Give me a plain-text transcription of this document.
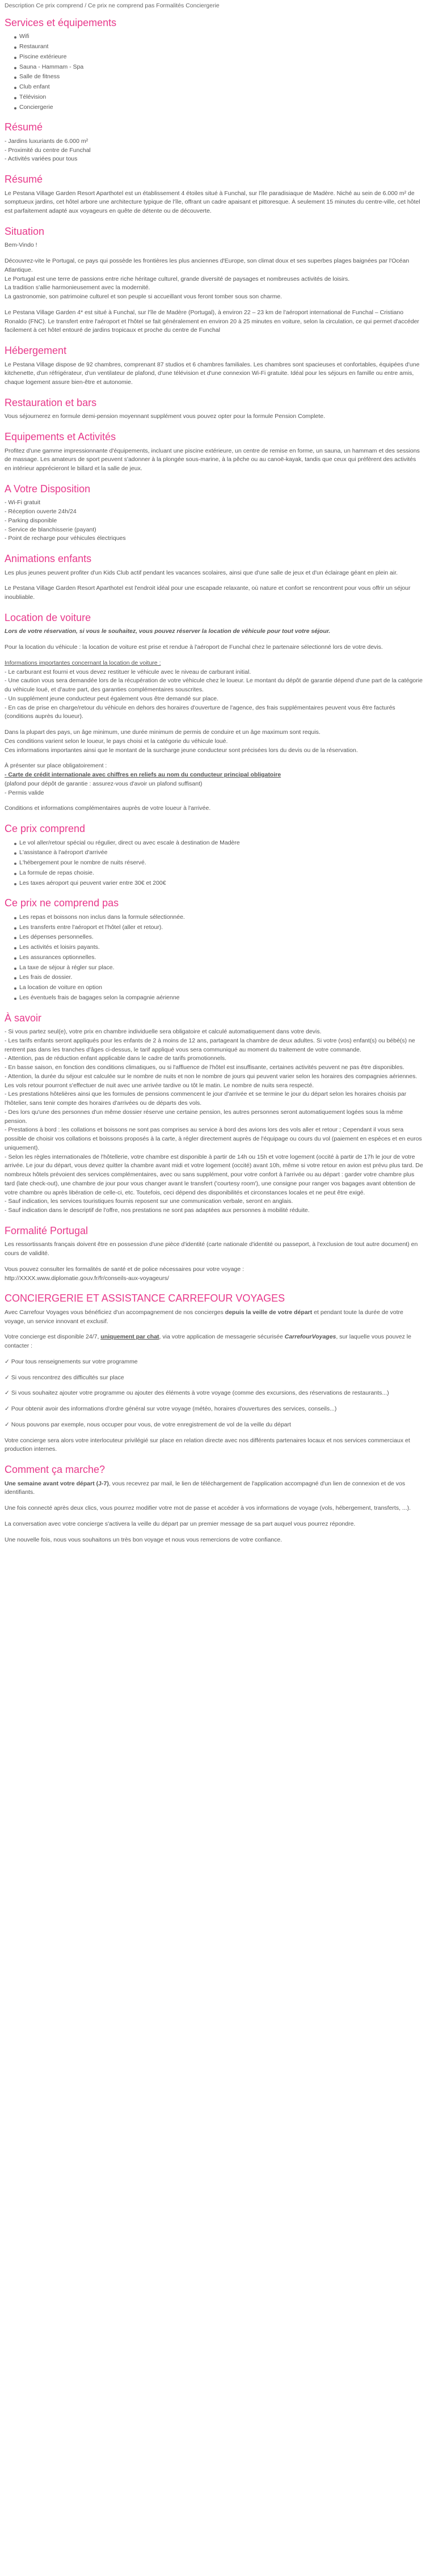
Description Ce prix comprend / Ce prix ne comprend pas Formalités Conciergerie
Services et équipements
Wifi
Restaurant
Piscine extérieure
Sauna - Hammam - Spa
Salle de fitness
Club enfant
Télévision
Conciergerie
Résumé
- Jardins luxuriants de 6.000 m²
- Proximité du centre de Funchal
- Activités variées pour tous
Résumé

Le Pestana Village Garden Resort Aparthotel est un établissement 4 étoiles situé à Funchal, sur l'île paradisiaque de Madère. Niché au sein de 6.000 m² de somptueux jardins, cet hôtel arbore une architecture typique de l'île, offrant un cadre apaisant et pittoresque. À seulement 15 minutes du centre-ville, cet hôtel est parfaitement adapté aux voyageurs en quête de détente ou de découverte.

Situation

Bem-Vindo !

Découvrez-vite le Portugal, ce pays qui possède les frontières les plus anciennes d'Europe, son climat doux et ses superbes plages baignées par l'Océan Atlantique.
Le Portugal est une terre de passions entre riche héritage culturel, grande diversité de paysages et nombreuses activités de loisirs.
La tradition s'allie harmonieusement avec la modernité.
La gastronomie, son patrimoine culturel et son peuple si accueillant vous feront tomber sous son charme.

Le Pestana Village Garden 4* est situé à Funchal, sur l'île de Madère (Portugal), à environ 22 – 23 km de l'aéroport international de Funchal – Cristiano Ronaldo (FNC). Le transfert entre l'aéroport et l'hôtel se fait généralement en environ 20 à 25 minutes en voiture, selon la circulation, ce qui permet d'accéder facilement à cet hôtel entouré de jardins tropicaux et proche du centre de Funchal

Hébergement

Le Pestana Village dispose de 92 chambres, comprenant 87 studios et 6 chambres familiales. Les chambres sont spacieuses et confortables, équipées d'une kitchenette, d'un réfrigérateur, d'un ventilateur de plafond, d'une télévision et d'une connexion Wi-Fi gratuite. Idéal pour les séjours en famille ou entre amis, chaque logement assure bien-être et autonomie.

Restauration et bars

Vous séjournerez en formule demi-pension moyennant supplément vous pouvez opter pour la formule Pension Complete.

Equipements et Activités

Profitez d'une gamme impressionnante d'équipements, incluant une piscine extérieure, un centre de remise en forme, un sauna, un hammam et des sessions de massage. Les amateurs de sport peuvent s'adonner à la plongée sous-marine, à la pêche ou au canoë-kayak, tandis que ceux qui préfèrent des activités en intérieur apprécieront le billard et la salle de jeux.

A Votre Disposition
- Wi-Fi gratuit
- Réception ouverte 24h/24
- Parking disponible
- Service de blanchisserie (payant)
- Point de recharge pour véhicules électriques
Animations enfants

Les plus jeunes peuvent profiter d'un Kids Club actif pendant les vacances scolaires, ainsi que d'une salle de jeux et d'un éclairage géant en plein air.

Le Pestana Village Garden Resort Aparthotel est l'endroit idéal pour une escapade relaxante, où nature et confort se rencontrent pour vous offrir un séjour inoubliable.

Location de voiture

Lors de votre réservation, si vous le souhaitez, vous pouvez réserver la location de véhicule pour tout votre séjour.

Pour la location du véhicule : la location de voiture est prise et rendue à l'aéroport de Funchal chez le partenaire sélectionné lors de votre devis.

Informations importantes concernant la location de voiture :
- Le carburant est fourni et vous devez restituer le véhicule avec le niveau de carburant initial.
- Une caution vous sera demandée lors de la récupération de votre véhicule chez le loueur. Le montant du dépôt de garantie dépend d'une part de la catégorie du véhicule loué, et d'autre part, des garanties complémentaires souscrites.
- Un supplément jeune conducteur peut également vous être demandé sur place.
- En cas de prise en charge/retour du véhicule en dehors des horaires d'ouverture de l'agence, des frais supplémentaires peuvent vous être facturés (conditions auprès du loueur).
Dans la plupart des pays, un âge minimum, une durée minimum de permis de conduire et un âge maximum sont requis.
Ces conditions varient selon le loueur, le pays choisi et la catégorie du véhicule loué.
Ces informations importantes ainsi que le montant de la surcharge jeune conducteur sont précisées lors du devis ou de la réservation.
À présenter sur place obligatoirement :
- Carte de crédit internationale avec chiffres en reliefs au nom du conducteur principal obligatoire
(plafond pour dépôt de garantie : assurez-vous d'avoir un plafond suffisant)
- Permis valide

Conditions et informations complémentaires auprès de votre loueur à l'arrivée.

Ce prix comprend
Le vol aller/retour spécial ou régulier, direct ou avec escale à destination de Madère
L'assistance à l'aéroport d'arrivée
L'hébergement pour le nombre de nuits réservé.
La formule de repas choisie.
Les taxes aéroport qui peuvent varier entre 30€ et 200€
Ce prix ne comprend pas
Les repas et boissons non inclus dans la formule sélectionnée.
Les transferts entre l'aéroport et l'hôtel (aller et retour).
Les dépenses personnelles.
Les activités et loisirs payants.
Les assurances optionnelles.
La taxe de séjour à régler sur place.
Les frais de dossier.
La location de voiture en option
Les éventuels frais de bagages selon la compagnie aérienne
À savoir
- Si vous partez seul(e), votre prix en chambre individuelle sera obligatoire et calculé automatiquement dans votre devis.
- Les tarifs enfants seront appliqués pour les enfants de 2 à moins de 12 ans, partageant la chambre de deux adultes. Si votre (vos) enfant(s) ou bébé(s) ne rentrent pas dans les tranches d'âges ci-dessus, le tarif appliqué vous sera communiqué au moment du traitement de votre commande.
- Attention, pas de réduction enfant applicable dans le cadre de tarifs promotionnels.
- En basse saison, en fonction des conditions climatiques, ou si l'affluence de l'hôtel est insuffisante, certaines activités peuvent ne pas être disponibles.
- Attention, la durée du séjour est calculée sur le nombre de nuits et non le nombre de jours qui peuvent varier selon les horaires des compagnies aériennes. Les vols retour pourront s'effectuer de nuit avec une arrivée tardive ou tôt le matin. Le nombre de nuits sera respecté.
- Les prestations hôtelières ainsi que les formules de pensions commencent le jour d'arrivée et se termine le jour du départ selon les horaires choisis par l'hôtelier, sans tenir compte des horaires d'arrivées ou de départs des vols.
- Des lors qu'une des personnes d'un même dossier réserve une certaine pension, les autres personnes seront automatiquement logées sous la même pension.
- Prestations à bord : les collations et boissons ne sont pas comprises au service à bord des avions lors des vols aller et retour ; Cependant il vous sera possible de choisir vos collations et boissons proposés à la carte, à régler directement auprès de l'équipage ou cours du vol (paiement en espèces et en euros uniquement).
- Selon les règles internationales de l'hôtellerie, votre chambre est disponible à partir de 14h ou 15h et votre logement (occité à partir de 17h le jour de votre arrivée. Le jour du départ, vous devez quitter la chambre avant midi et votre logement (occité) avant 10h, même si votre retour en avion est prévu plus tard. De nombreux hôtels prévoient des services complémentaires, avec ou sans supplément, pour votre confort à l'arrivée ou au départ : garder votre chambre plus tard (late check-out), une chambre de jour pour vous changer avant le transfert ('courtesy room'), une consigne pour ranger vos bagages avant obtention de votre chambre ou après libération de celle-ci, etc. Toutefois, ceci dépend des disponibilités et circonstances locales et ne peut être exigé.
- Sauf indication, les services touristiques fournis reposent sur une communication verbale, seront en anglais.
- Sauf indication dans le descriptif de l'offre, nos prestations ne sont pas adaptées aux personnes à mobilité réduite.
Formalité Portugal

Les ressortissants français doivent être en possession d'une pièce d'identité (carte nationale d'identité ou passeport, à l'exclusion de tout autre document) en cours de validité.

Vous pouvez consulter les formalités de santé et de police nécessaires pour votre voyage :
http://XXXX.www.diplomatie.gouv.fr/fr/conseils-aux-voyageurs/
CONCIERGERIE ET ASSISTANCE CARREFOUR VOYAGES

Avec Carrefour Voyages vous bénéficiez d'un accompagnement de nos concierges depuis la veille de votre départ et pendant toute la durée de votre voyage, un service innovant et exclusif.

Votre concierge est disponible 24/7, uniquement par chat, via votre application de messagerie sécurisée CarrefourVoyages, sur laquelle vous pouvez le contacter :

✓ Pour tous renseignements sur votre programme

✓ Si vous rencontrez des difficultés sur place

✓ Si vous souhaitez ajouter votre programme ou ajouter des éléments à votre voyage (comme des excursions, des réservations de restaurants...)

✓ Pour obtenir avoir des informations d'ordre général sur votre voyage (météo, horaires d'ouvertures des services, conseils...)

✓ Nous pouvons par exemple, nous occuper pour vous, de votre enregistrement de vol de la veille du départ

Votre concierge sera alors votre interlocuteur privilégié sur place en relation directe avec nos différents partenaires locaux et nos services commerciaux et production internes.

Comment ça marche?

Une semaine avant votre départ (J-7), vous recevrez par mail, le lien de téléchargement de l'application accompagné d'un lien de connexion et de vos identifiants.

Une fois connecté après deux clics, vous pourrez modifier votre mot de passe et accéder à vos informations de voyage (vols, hébergement, transferts, ...).

La conversation avec votre concierge s'activera la veille du départ par un premier message de sa part auquel vous pourrez répondre.

Une nouvelle fois, nous vous souhaitons un très bon voyage et nous vous remercions de votre confiance.
